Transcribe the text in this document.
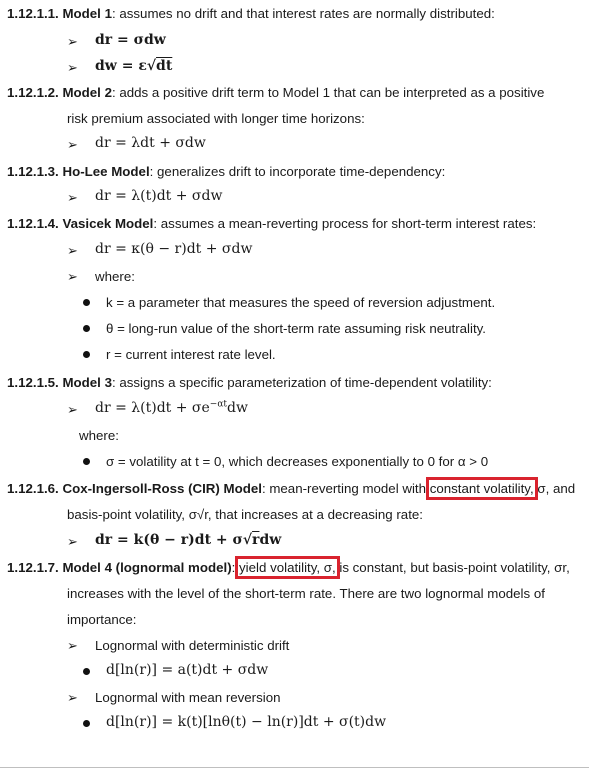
1.12.1.1. Model 1: assumes no drift and that interest rates are normally distributed:
➢ dr = σdw
➢ dw = ε√dt
1.12.1.2. Model 2: adds a positive drift term to Model 1 that can be interpreted as a positive
risk premium associated with longer time horizons:
➢ dr = λdt + σdw
1.12.1.3. Ho-Lee Model: generalizes drift to incorporate time-dependency:
➢ dr = λ(t)dt + σdw
1.12.1.4. Vasicek Model: assumes a mean-reverting process for short-term interest rates:
➢ dr = κ(θ − r)dt + σdw
➢ where:
k = a parameter that measures the speed of reversion adjustment.
θ = long-run value of the short-term rate assuming risk neutrality.
r = current interest rate level.
1.12.1.5. Model 3: assigns a specific parameterization of time-dependent volatility:
➢ dr = $\lambda(t)dt + \sigma e^{-\alpha t}dw$
where:
σ = volatility at t = 0, which decreases exponentially to 0 for α > 0
1.12.1.6. Cox-Ingersoll-Ross (CIR) Model: mean-reverting model with constant volatility, σ, and
basis-point volatility, σ√r, that increases at a decreasing rate:
➢ dr = k(θ − r)dt + σ√rdw
1.12.1.7. Model 4 (lognormal model): yield volatility, σ, is constant, but basis-point volatility, σr,
increases with the level of the short-term rate. There are two lognormal models of
importance:
➢ Lognormal with deterministic drift
d[ln(r)] = a(t)dt + σdw
➢ Lognormal with mean reversion
d[ln(r)] = k(t)[lnθ(t) − ln(r)]dt + σ(t)dw
